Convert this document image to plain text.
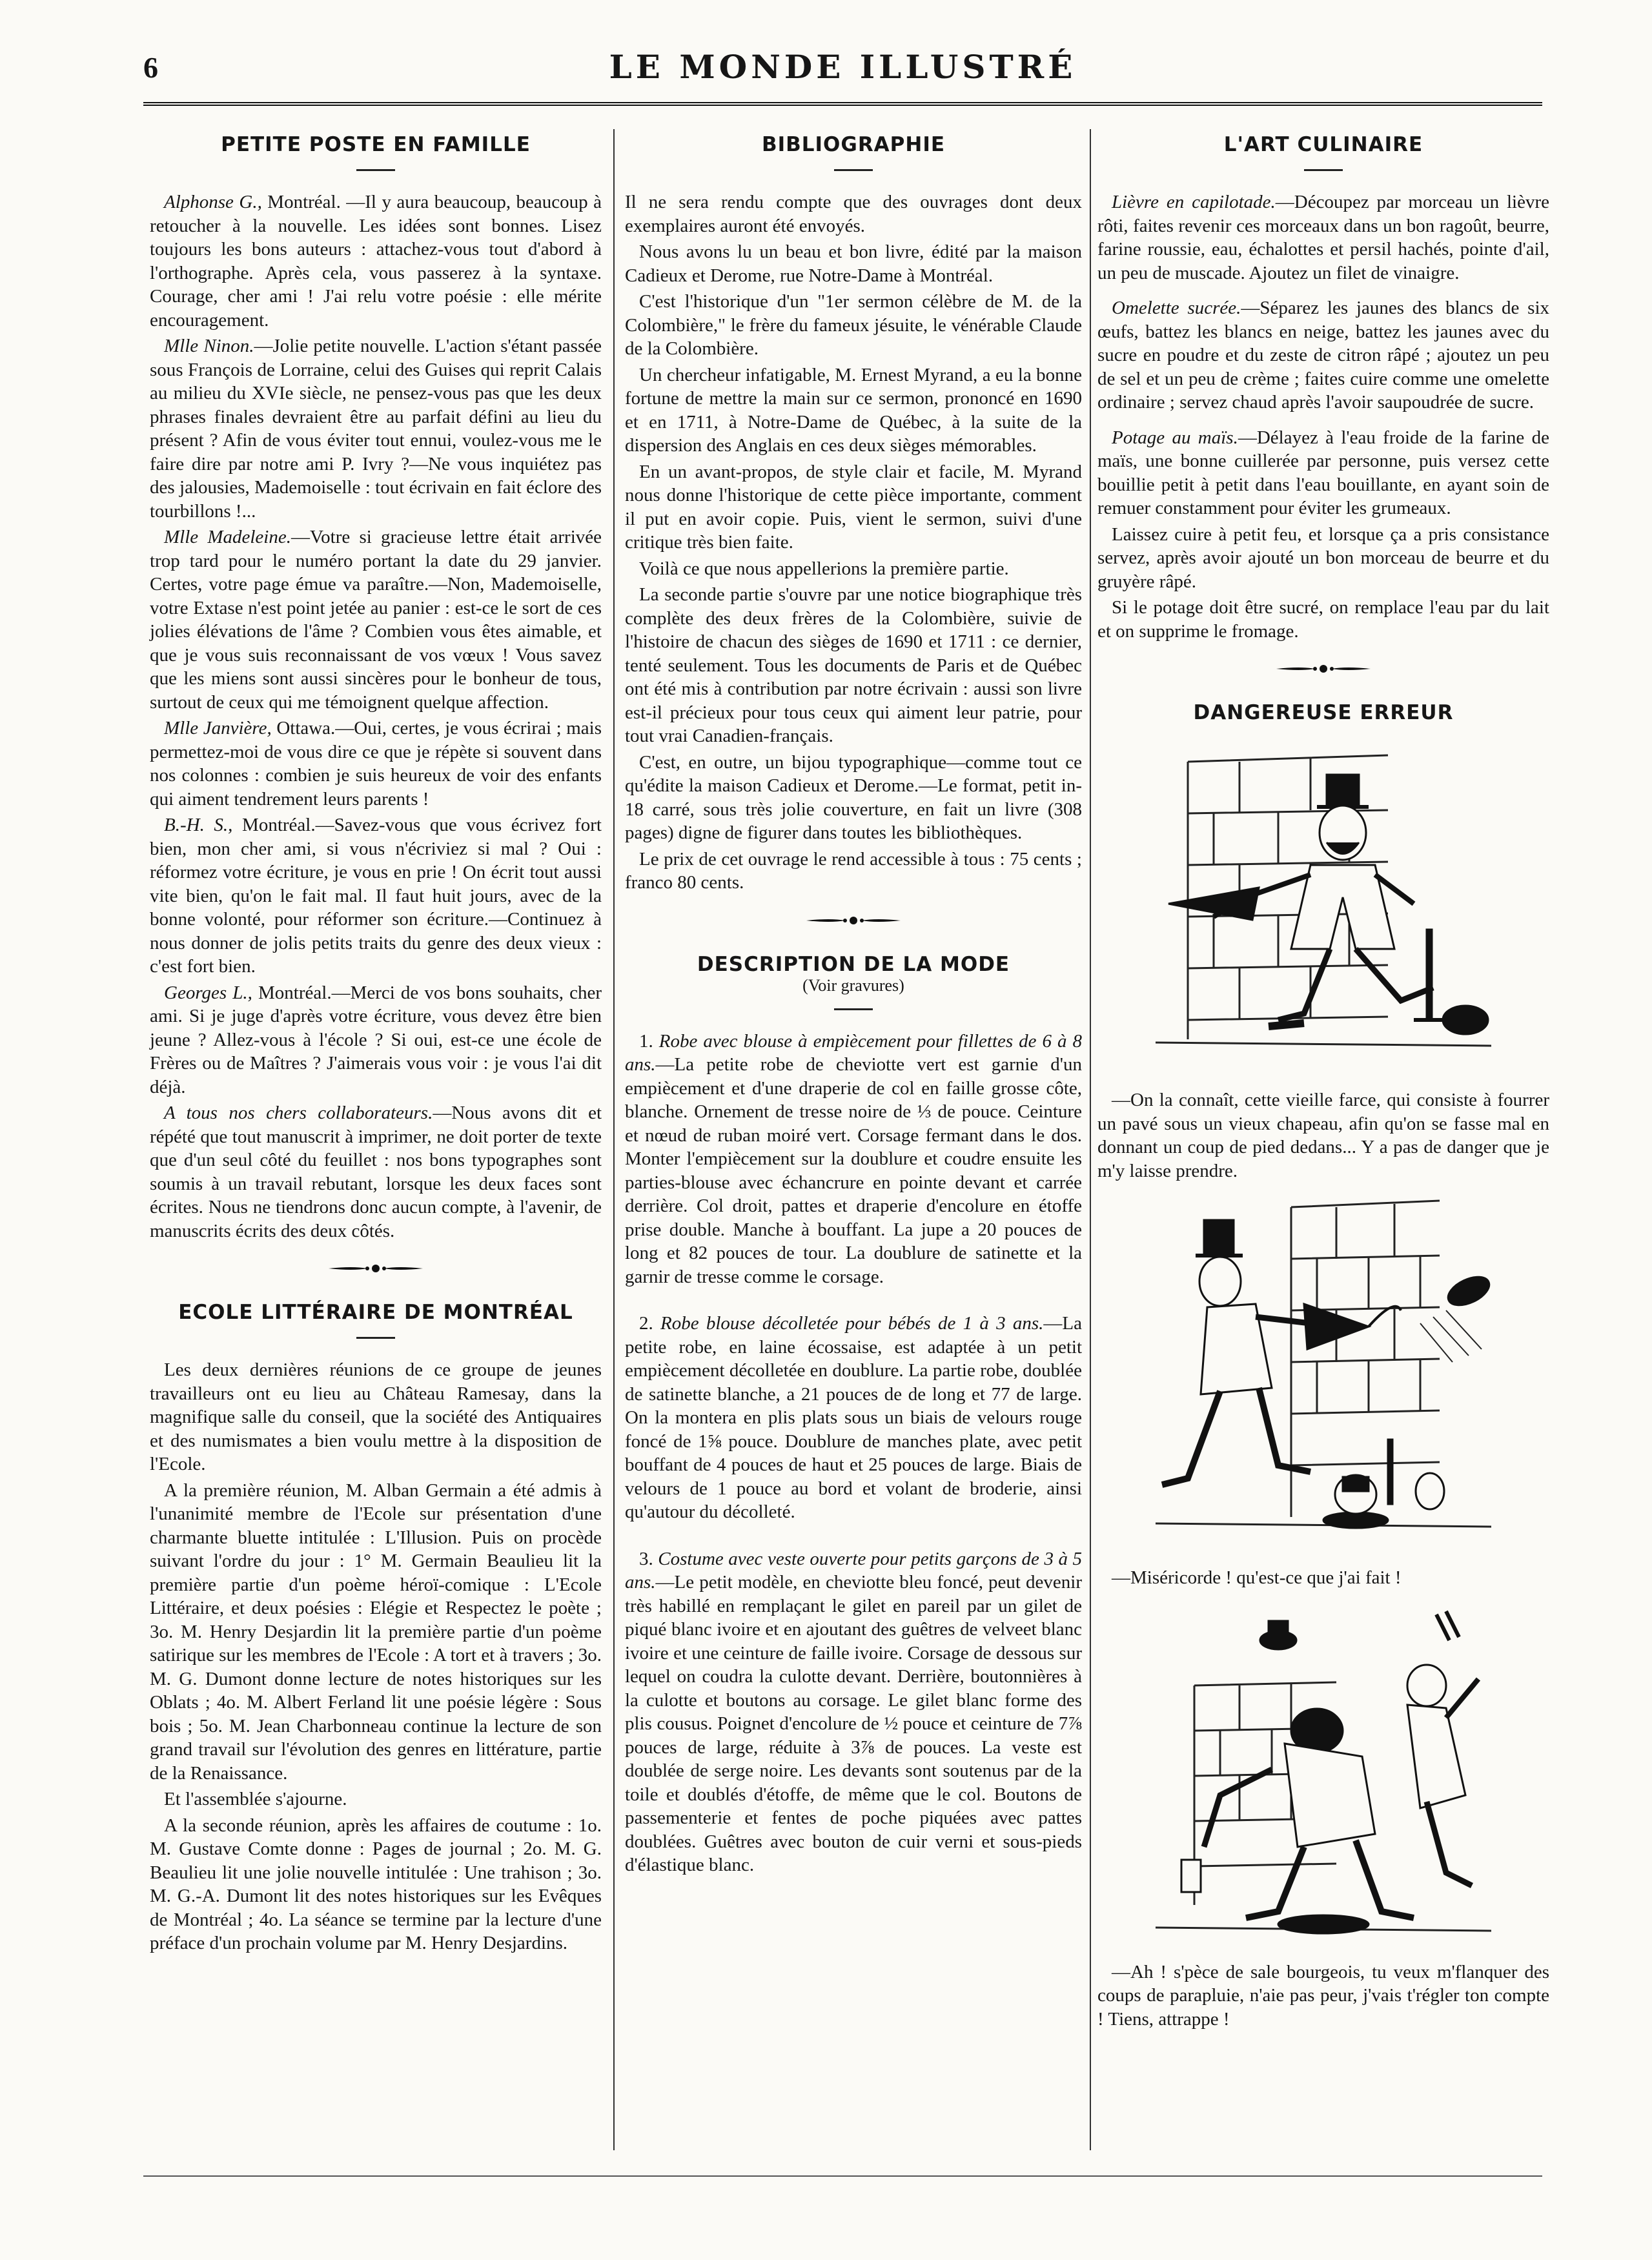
6	LE MONDE ILLUSTRÉ
PETITE POSTE EN FAMILLE

Alphonse G., Montréal. —Il y aura beaucoup, beaucoup à retoucher à la nouvelle. Les idées sont bonnes. Lisez toujours les bons auteurs : attachez-vous tout d'abord à l'orthographe. Après cela, vous passerez à la syntaxe. Courage, cher ami ! J'ai relu votre poésie : elle mérite encouragement.

Mlle Ninon.—Jolie petite nouvelle. L'action s'étant passée sous François de Lorraine, celui des Guises qui reprit Calais au milieu du XVIe siècle, ne pensez-vous pas que les deux phrases finales devraient être au parfait défini au lieu du présent ? Afin de vous éviter tout ennui, voulez-vous me le faire dire par notre ami P. Ivry ?—Ne vous inquiétez pas des jalousies, Mademoiselle : tout écrivain en fait éclore des tourbillons !...

Mlle Madeleine.—Votre si gracieuse lettre était arrivée trop tard pour le numéro portant la date du 29 janvier. Certes, votre page émue va paraître.—Non, Mademoiselle, votre Extase n'est point jetée au panier : est-ce le sort de ces jolies élévations de l'âme ? Combien vous êtes aimable, et que je vous suis reconnaissant de vos vœux ! Vous savez que les miens sont aussi sincères pour le bonheur de tous, surtout de ceux qui me témoignent quelque affection.

Mlle Janvière, Ottawa.—Oui, certes, je vous écrirai ; mais permettez-moi de vous dire ce que je répète si souvent dans nos colonnes : combien je suis heureux de voir des enfants qui aiment tendrement leurs parents !

B.-H. S., Montréal.—Savez-vous que vous écrivez fort bien, mon cher ami, si vous n'écriviez si mal ? Oui : réformez votre écriture, je vous en prie ! On écrit tout aussi vite bien, qu'on le fait mal. Il faut huit jours, avec de la bonne volonté, pour réformer son écriture.—Continuez à nous donner de jolis petits traits du genre des deux vieux : c'est fort bien.

Georges L., Montréal.—Merci de vos bons souhaits, cher ami. Si je juge d'après votre écriture, vous devez être bien jeune ? Allez-vous à l'école ? Si oui, est-ce une école de Frères ou de Maîtres ? J'aimerais vous voir : je vous l'ai dit déjà.

A tous nos chers collaborateurs.—Nous avons dit et répété que tout manuscrit à imprimer, ne doit porter de texte que d'un seul côté du feuillet : nos bons typographes sont soumis à un travail rebutant, lorsque les deux faces sont écrites. Nous ne tiendrons donc aucun compte, à l'avenir, de manuscrits écrits des deux côtés.

ECOLE LITTÉRAIRE DE MONTRÉAL

Les deux dernières réunions de ce groupe de jeunes travailleurs ont eu lieu au Château Ramesay, dans la magnifique salle du conseil, que la société des Antiquaires et des numismates a bien voulu mettre à la disposition de l'Ecole.

A la première réunion, M. Alban Germain a été admis à l'unanimité membre de l'Ecole sur présentation d'une charmante bluette intitulée : L'Illusion. Puis on procède suivant l'ordre du jour : 1° M. Germain Beaulieu lit la première partie d'un poème héroï-comique : L'Ecole Littéraire, et deux poésies : Elégie et Respectez le poète ; 3o. M. Henry Desjardin lit la première partie d'un poème satirique sur les membres de l'Ecole : A tort et à travers ; 3o. M. G. Dumont donne lecture de notes historiques sur les Oblats ; 4o. M. Albert Ferland lit une poésie légère : Sous bois ; 5o. M. Jean Charbonneau continue la lecture de son grand travail sur l'évolution des genres en littérature, partie de la Renaissance.

Et l'assemblée s'ajourne.

A la seconde réunion, après les affaires de coutume : 1o. M. Gustave Comte donne : Pages de journal ; 2o. M. G. Beaulieu lit une jolie nouvelle intitulée : Une trahison ; 3o. M. G.-A. Dumont lit des notes historiques sur les Evêques de Montréal ; 4o. La séance se termine par la lecture d'une préface d'un prochain volume par M. Henry Desjardins.

BIBLIOGRAPHIE

Il ne sera rendu compte que des ouvrages dont deux exemplaires auront été envoyés.

Nous avons lu un beau et bon livre, édité par la maison Cadieux et Derome, rue Notre-Dame à Montréal.

C'est l'historique d'un "1er sermon célèbre de M. de la Colombière," le frère du fameux jésuite, le vénérable Claude de la Colombière.

Un chercheur infatigable, M. Ernest Myrand, a eu la bonne fortune de mettre la main sur ce sermon, prononcé en 1690 et en 1711, à Notre-Dame de Québec, à la suite de la dispersion des Anglais en ces deux sièges mémorables.

En un avant-propos, de style clair et facile, M. Myrand nous donne l'historique de cette pièce importante, comment il put en avoir copie. Puis, vient le sermon, suivi d'une critique très bien faite.

Voilà ce que nous appellerions la première partie.

La seconde partie s'ouvre par une notice biographique très complète des deux frères de la Colombière, suivie de l'histoire de chacun des sièges de 1690 et 1711 : ce dernier, tenté seulement. Tous les documents de Paris et de Québec ont été mis à contribution par notre écrivain : aussi son livre est-il précieux pour tous ceux qui aiment leur patrie, pour tout vrai Canadien-français.

C'est, en outre, un bijou typographique—comme tout ce qu'édite la maison Cadieux et Derome.—Le format, petit in-18 carré, sous très jolie couverture, en fait un livre (308 pages) digne de figurer dans toutes les bibliothèques.

Le prix de cet ouvrage le rend accessible à tous : 75 cents ; franco 80 cents.

DESCRIPTION DE LA MODE
(Voir gravures)

1. Robe avec blouse à empiècement pour fillettes de 6 à 8 ans.—La petite robe de cheviotte vert est garnie d'un empiècement et d'une draperie de col en faille grosse côte, blanche. Ornement de tresse noire de ⅓ de pouce. Ceinture et nœud de ruban moiré vert. Corsage fermant dans le dos. Monter l'empiècement sur la doublure et coudre ensuite les parties-blouse avec échancrure en pointe devant et carrée derrière. Col droit, pattes et draperie d'encolure en étoffe prise double. Manche à bouffant. La jupe a 20 pouces de long et 82 pouces de tour. La doublure de satinette et la garnir de tresse comme le corsage.

2. Robe blouse décolletée pour bébés de 1 à 3 ans.—La petite robe, en laine écossaise, est adaptée à un petit empiècement décolletée en doublure. La partie robe, doublée de satinette blanche, a 21 pouces de de long et 77 de large. On la montera en plis plats sous un biais de velours rouge foncé de 1⅝ pouce. Doublure de manches plate, avec petit bouffant de 4 pouces de haut et 25 pouces de large. Biais de velours de 1 pouce au bord et volant de broderie, ainsi qu'autour du décolleté.

3. Costume avec veste ouverte pour petits garçons de 3 à 5 ans.—Le petit modèle, en cheviotte bleu foncé, peut devenir très habillé en remplaçant le gilet en pareil par un gilet de piqué blanc ivoire et en ajoutant des guêtres de velveet blanc ivoire et une ceinture de faille ivoire. Corsage de dessous sur lequel on coudra la culotte devant. Derrière, boutonnières à la culotte et boutons au corsage. Le gilet blanc forme des plis cousus. Poignet d'encolure de ½ pouce et ceinture de 7⅞ pouces de large, réduite à 3⅞ de pouces. La veste est doublée de serge noire. Les devants sont soutenus par de la toile et doublés d'étoffe, de même que le col. Boutons de passementerie et fentes de poche piquées avec pattes doublées. Guêtres avec bouton de cuir verni et sous-pieds d'élastique blanc.

L'ART CULINAIRE

Lièvre en capilotade.—Découpez par morceau un lièvre rôti, faites revenir ces morceaux dans un bon ragoût, beurre, farine roussie, eau, échalottes et persil hachés, pointe d'ail, un peu de muscade. Ajoutez un filet de vinaigre.

Omelette sucrée.—Séparez les jaunes des blancs de six œufs, battez les blancs en neige, battez les jaunes avec du sucre en poudre et du zeste de citron râpé ; ajoutez un peu de sel et un peu de crème ; faites cuire comme une omelette ordinaire ; servez chaud après l'avoir saupoudrée de sucre.

Potage au maïs.—Délayez à l'eau froide de la farine de maïs, une bonne cuillerée par personne, puis versez cette bouillie petit à petit dans l'eau bouillante, en ayant soin de remuer constamment pour éviter les grumeaux.

Laissez cuire à petit feu, et lorsque ça a pris consistance servez, après avoir ajouté un bon morceau de beurre et du gruyère râpé.

Si le potage doit être sucré, on remplace l'eau par du lait et on supprime le fromage.

DANGEREUSE ERREUR

—On la connaît, cette vieille farce, qui consiste à fourrer un pavé sous un vieux chapeau, afin qu'on se fasse mal en donnant un coup de pied dedans... Y a pas de danger que je m'y laisse prendre.

—Miséricorde ! qu'est-ce que j'ai fait !

—Ah ! s'pèce de sale bourgeois, tu veux m'flanquer des coups de parapluie, n'aie pas peur, j'vais t'régler ton compte ! Tiens, attrappe !
